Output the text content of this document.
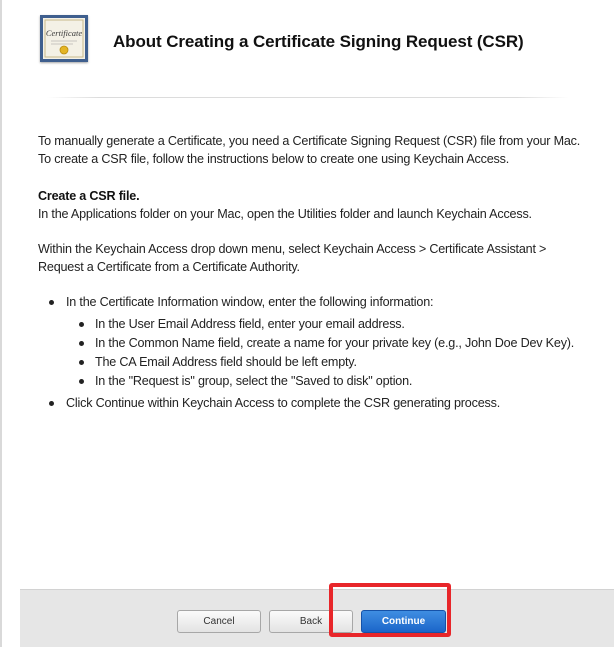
Certificate About Creating a Certificate Signing Request (CSR)

To manually generate a Certificate, you need a Certificate Signing Request (CSR) file from your Mac. To create a CSR file, follow the instructions below to create one using Keychain Access.

Create a CSR file.

In the Applications folder on your Mac, open the Utilities folder and launch Keychain Access.

Within the Keychain Access drop down menu, select Keychain Access > Certificate Assistant > Request a Certificate from a Certificate Authority.

In the Certificate Information window, enter the following information:
In the User Email Address field, enter your email address.
In the Common Name field, create a name for your private key (e.g., John Doe Dev Key).
The CA Email Address field should be left empty.
In the "Request is" group, select the "Saved to disk" option.
Click Continue within Keychain Access to complete the CSR generating process.
Cancel	Back	Continue
